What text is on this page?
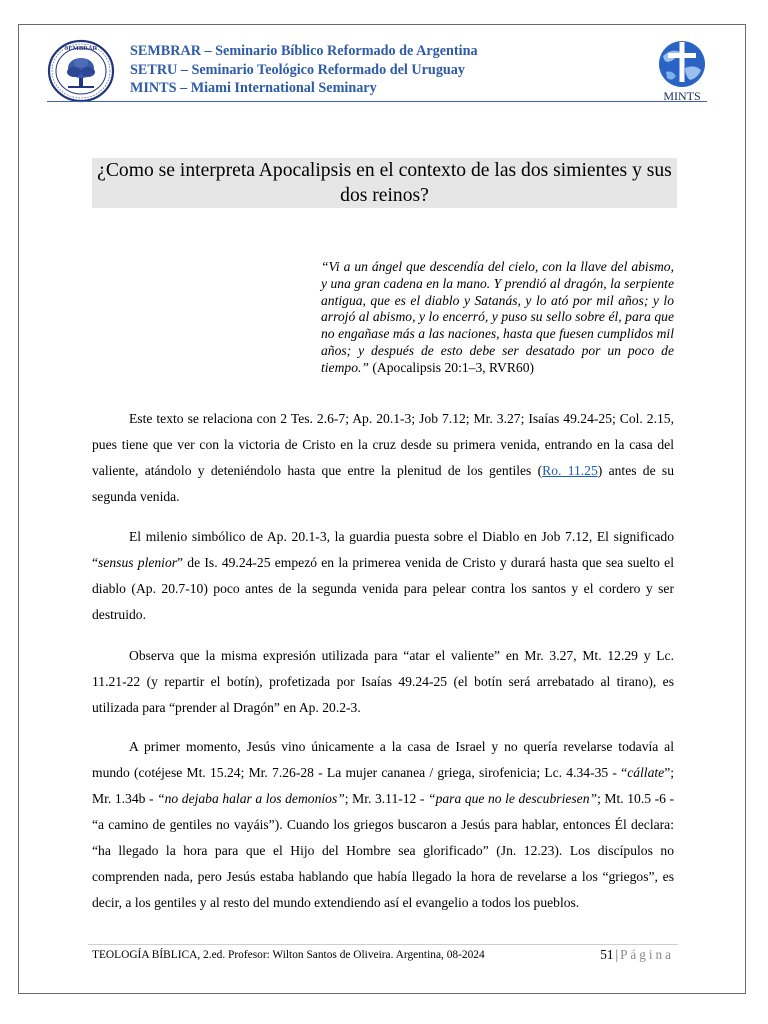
SEMBRAR SEMBRAR – Seminario Bíblico Reformado de Argentina
SETRU – Seminario Teológico Reformado del Uruguay
MINTS – Miami International Seminary	MINTS
¿Como se interpreta Apocalipsis en el contexto de las dos simientes y sus dos reinos?
“Vi a un ángel que descendía del cielo, con la llave del abismo, y una gran cadena en la mano. Y prendió al dragón, la serpiente antigua, que es el diablo y Satanás, y lo ató por mil años; y lo arrojó al abismo, y lo encerró, y puso su sello sobre él, para que no engañase más a las naciones, hasta que fuesen cumplidos mil años; y después de esto debe ser desatado por un poco de tiempo.” (Apocalipsis 20:1–3, RVR60)
Este texto se relaciona con 2 Tes. 2.6-7; Ap. 20.1-3; Job 7.12; Mr. 3.27; Isaías 49.24-25; Col. 2.15, pues tiene que ver con la victoria de Cristo en la cruz desde su primera venida, entrando en la casa del valiente, atándolo y deteniéndolo hasta que entre la plenitud de los gentiles (Ro. 11.25) antes de su segunda venida.
El milenio simbólico de Ap. 20.1-3, la guardia puesta sobre el Diablo en Job 7.12, El significado “sensus plenior” de Is. 49.24-25 empezó en la primerea venida de Cristo y durará hasta que sea suelto el diablo (Ap. 20.7-10) poco antes de la segunda venida para pelear contra los santos y el cordero y ser destruido.
Observa que la misma expresión utilizada para “atar el valiente” en Mr. 3.27, Mt. 12.29 y Lc. 11.21-22 (y repartir el botín), profetizada por Isaías 49.24-25 (el botín será arrebatado al tirano), es utilizada para “prender al Dragón” en Ap. 20.2-3.
A primer momento, Jesús vino únicamente a la casa de Israel y no quería revelarse todavía al mundo (cotéjese Mt. 15.24; Mr. 7.26-28 - La mujer cananea / griega, sirofenicia; Lc. 4.34-35 - “cállate”; Mr. 1.34b - “no dejaba halar a los demonios”; Mr. 3.11-12 - “para que no le descubriesen”; Mt. 10.5 -6 - “a camino de gentiles no vayáis”). Cuando los griegos buscaron a Jesús para hablar, entonces Él declara: “ha llegado la hora para que el Hijo del Hombre sea glorificado” (Jn. 12.23). Los discípulos no comprenden nada, pero Jesús estaba hablando que había llegado la hora de revelarse a los “griegos”, es decir, a los gentiles y al resto del mundo extendiendo así el evangelio a todos los pueblos.
TEOLOGÍA BÍBLICA, 2.ed. Profesor: Wilton Santos de Oliveira. Argentina, 08-2024	51 | Página
